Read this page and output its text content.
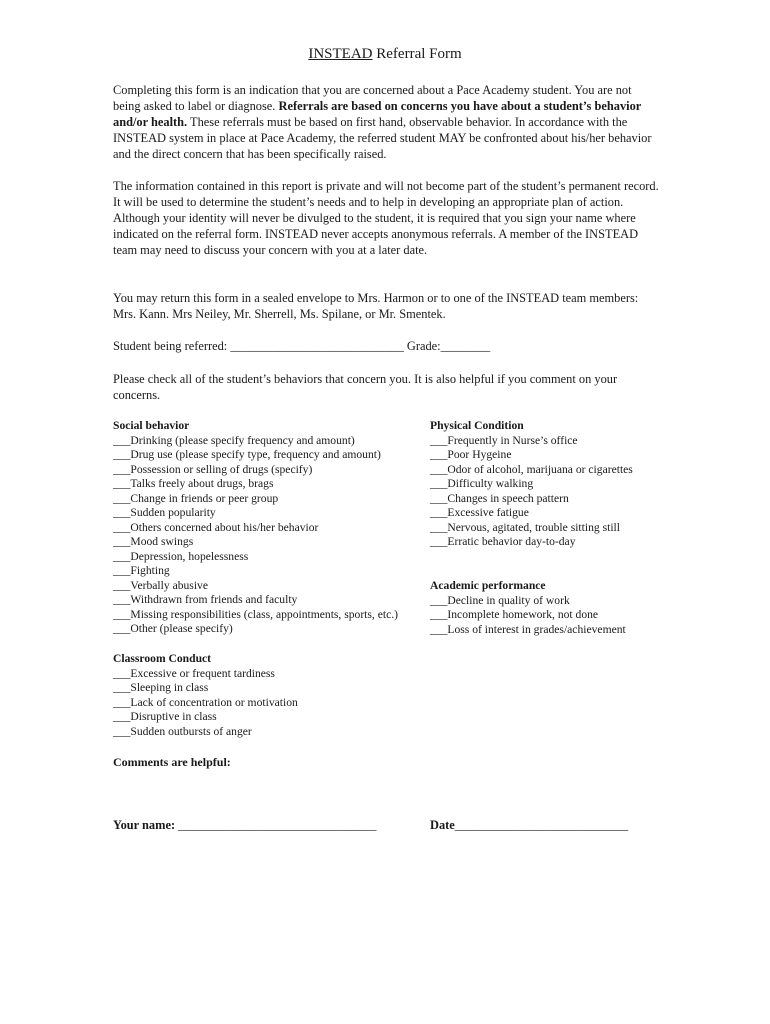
INSTEAD Referral Form

Completing this form is an indication that you are concerned about a Pace Academy student. You are not being asked to label or diagnose. Referrals are based on concerns you have about a student’s behavior and/or health. These referrals must be based on first hand, observable behavior. In accordance with the INSTEAD system in place at Pace Academy, the referred student MAY be confronted about his/her behavior and the direct concern that has been specifically raised.

The information contained in this report is private and will not become part of the student’s permanent record. It will be used to determine the student’s needs and to help in developing an appropriate plan of action. Although your identity will never be divulged to the student, it is required that you sign your name where indicated on the referral form. INSTEAD never accepts anonymous referrals. A member of the INSTEAD team may need to discuss your concern with you at a later date.

You may return this form in a sealed envelope to Mrs. Harmon or to one of the INSTEAD team members: Mrs. Kann. Mrs Neiley, Mr. Sherrell, Ms. Spilane, or Mr. Smentek.

Student being referred: ____________________________ Grade:________

Please check all of the student’s behaviors that concern you. It is also helpful if you comment on your concerns.

Social behavior
___Drinking (please specify frequency and amount)
___Drug use (please specify type, frequency and amount)
___Possession or selling of drugs (specify)
___Talks freely about drugs, brags
___Change in friends or peer group
___Sudden popularity
___Others concerned about his/her behavior
___Mood swings
___Depression, hopelessness
___Fighting
___Verbally abusive
___Withdrawn from friends and faculty
___Missing responsibilities (class, appointments, sports, etc.)
___Other (please specify)
Physical Condition
___Frequently in Nurse’s office
___Poor Hygeine
___Odor of alcohol, marijuana or cigarettes
___Difficulty walking
___Changes in speech pattern
___Excessive fatigue
___Nervous, agitated, trouble sitting still
___Erratic behavior day-to-day
Academic performance
___Decline in quality of work
___Incomplete homework, not done
___Loss of interest in grades/achievement
Classroom Conduct
___Excessive or frequent tardiness
___Sleeping in class
___Lack of concentration or motivation
___Disruptive in class
___Sudden outbursts of anger
Comments are helpful:
Your name: ________________________________	Date____________________________
